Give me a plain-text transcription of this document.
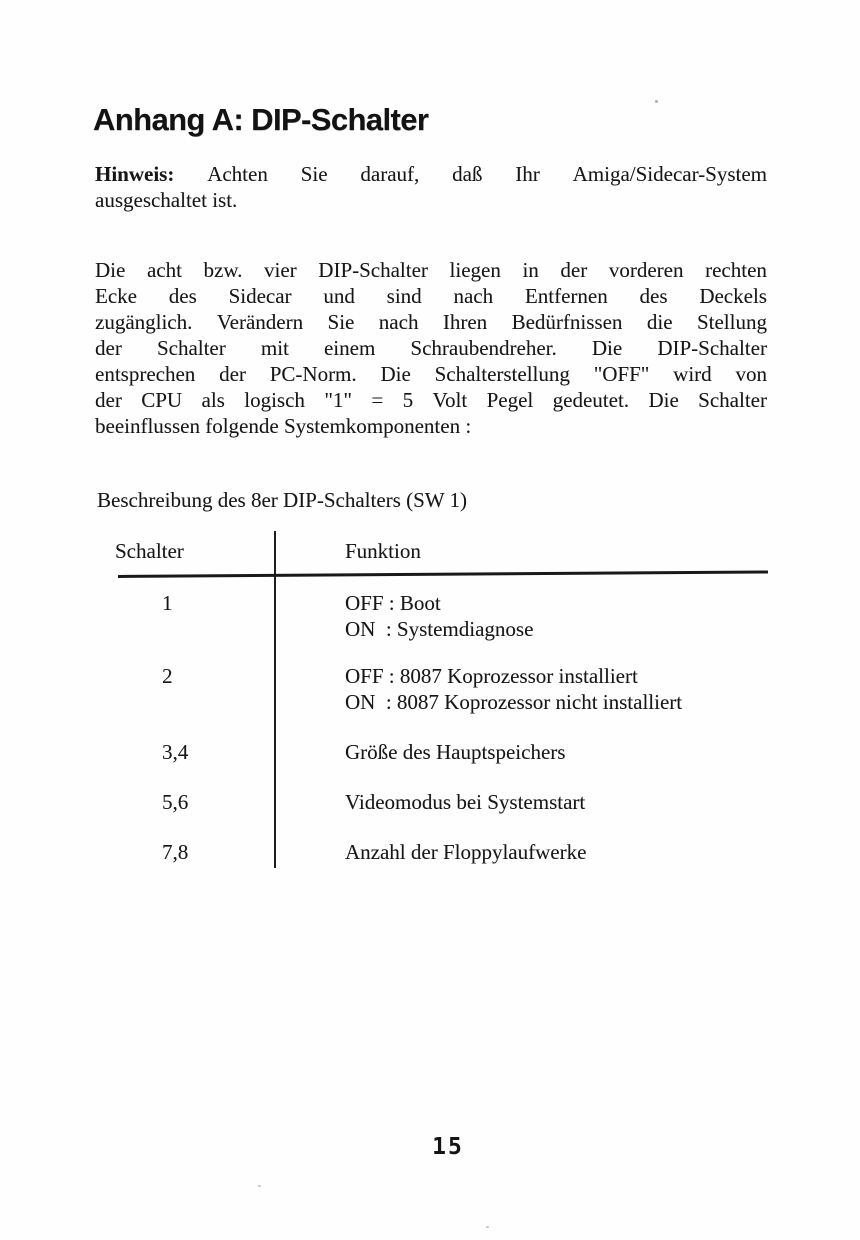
Anhang A: DIP-Schalter
Hinweis: Achten Sie darauf, daß Ihr Amiga/Sidecar-System
ausgeschaltet ist.
Die acht bzw. vier DIP-Schalter liegen in der vorderen rechten
Ecke des Sidecar und sind nach Entfernen des Deckels
zugänglich. Verändern Sie nach Ihren Bedürfnissen die Stellung
der Schalter mit einem Schraubendreher. Die DIP-Schalter
entsprechen der PC-Norm. Die Schalterstellung "OFF" wird von
der CPU als logisch "1" = 5 Volt Pegel gedeutet. Die Schalter
beeinflussen folgende Systemkomponenten :
Beschreibung des 8er DIP-Schalters (SW 1)
Schalter	Funktion
1	OFF : Boot
ON  : Systemdiagnose
2	OFF : 8087 Koprozessor installiert
ON  : 8087 Koprozessor nicht installiert
3,4	Größe des Hauptspeichers
5,6	Videomodus bei Systemstart
7,8	Anzahl der Floppylaufwerke
15
